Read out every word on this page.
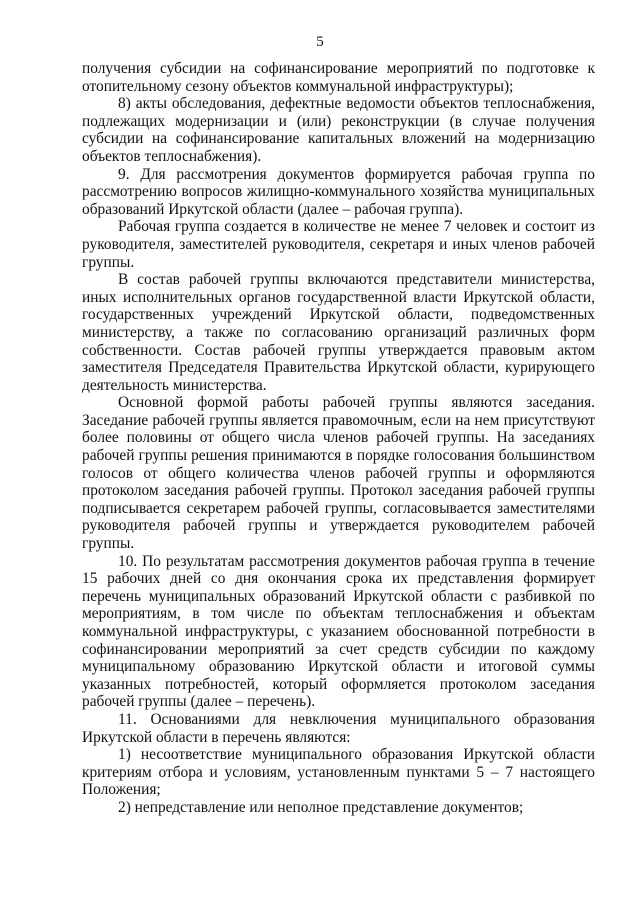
5

получения субсидии на софинансирование мероприятий по подготовке к отопительному сезону объектов коммунальной инфраструктуры);

8) акты обследования, дефектные ведомости объектов теплоснабжения, подлежащих модернизации и (или) реконструкции (в случае получения субсидии на софинансирование капитальных вложений на модернизацию объектов теплоснабжения).

9. Для рассмотрения документов формируется рабочая группа по рассмотрению вопросов жилищно-коммунального хозяйства муниципальных образований Иркутской области (далее – рабочая группа).

Рабочая группа создается в количестве не менее 7 человек и состоит из руководителя, заместителей руководителя, секретаря и иных членов рабочей группы.

В состав рабочей группы включаются представители министерства, иных исполнительных органов государственной власти Иркутской области, государственных учреждений Иркутской области, подведомственных министерству, а также по согласованию организаций различных форм собственности. Состав рабочей группы утверждается правовым актом заместителя Председателя Правительства Иркутской области, курирующего деятельность министерства.

Основной формой работы рабочей группы являются заседания. Заседание рабочей группы является правомочным, если на нем присутствуют более половины от общего числа членов рабочей группы. На заседаниях рабочей группы решения принимаются в порядке голосования большинством голосов от общего количества членов рабочей группы и оформляются протоколом заседания рабочей группы. Протокол заседания рабочей группы подписывается секретарем рабочей группы, согласовывается заместителями руководителя рабочей группы и утверждается руководителем рабочей группы.

10. По результатам рассмотрения документов рабочая группа в течение 15 рабочих дней со дня окончания срока их представления формирует перечень муниципальных образований Иркутской области с разбивкой по мероприятиям, в том числе по объектам теплоснабжения и объектам коммунальной инфраструктуры, с указанием обоснованной потребности в софинансировании мероприятий за счет средств субсидии по каждому муниципальному образованию Иркутской области и итоговой суммы указанных потребностей, который оформляется протоколом заседания рабочей группы (далее – перечень).

11. Основаниями для невключения муниципального образования Иркутской области в перечень являются:

1) несоответствие муниципального образования Иркутской области критериям отбора и условиям, установленным пунктами 5 – 7 настоящего Положения;

2) непредставление или неполное представление документов;
